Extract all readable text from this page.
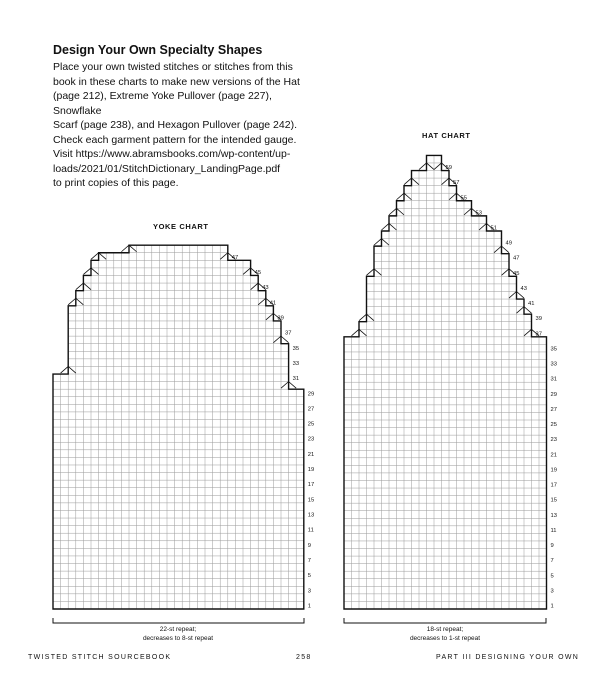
Design Your Own Specialty Shapes

Place your own twisted stitches or stitches from this
book in these charts to make new versions of the Hat
(page 212), Extreme Yoke Pullover (page 227), Snowflake
Scarf (page 238), and Hexagon Pullover (page 242).
Check each garment pattern for the intended gauge.
Visit https://www.abramsbooks.com/wp-content/up-
loads/2021/01/StitchDictionary_LandingPage.pdf
to print copies of this page.

YOKE CHART
HAT CHART
1
3
5
7
9
11
13
15
17
19
21
23
25
27
29
31
33
35
37
39
41
43
45
47
1
3
5
7
9
11
13
15
17
19
21
23
25
27
29
31
33
35
37
39
41
43
45
47
49
51
53
55
57
59
22-st repeat;
decreases to 8-st repeat
18-st repeat;
decreases to 1-st repeat
TWISTED STITCH SOURCEBOOK	258	PART III DESIGNING YOUR OWN
